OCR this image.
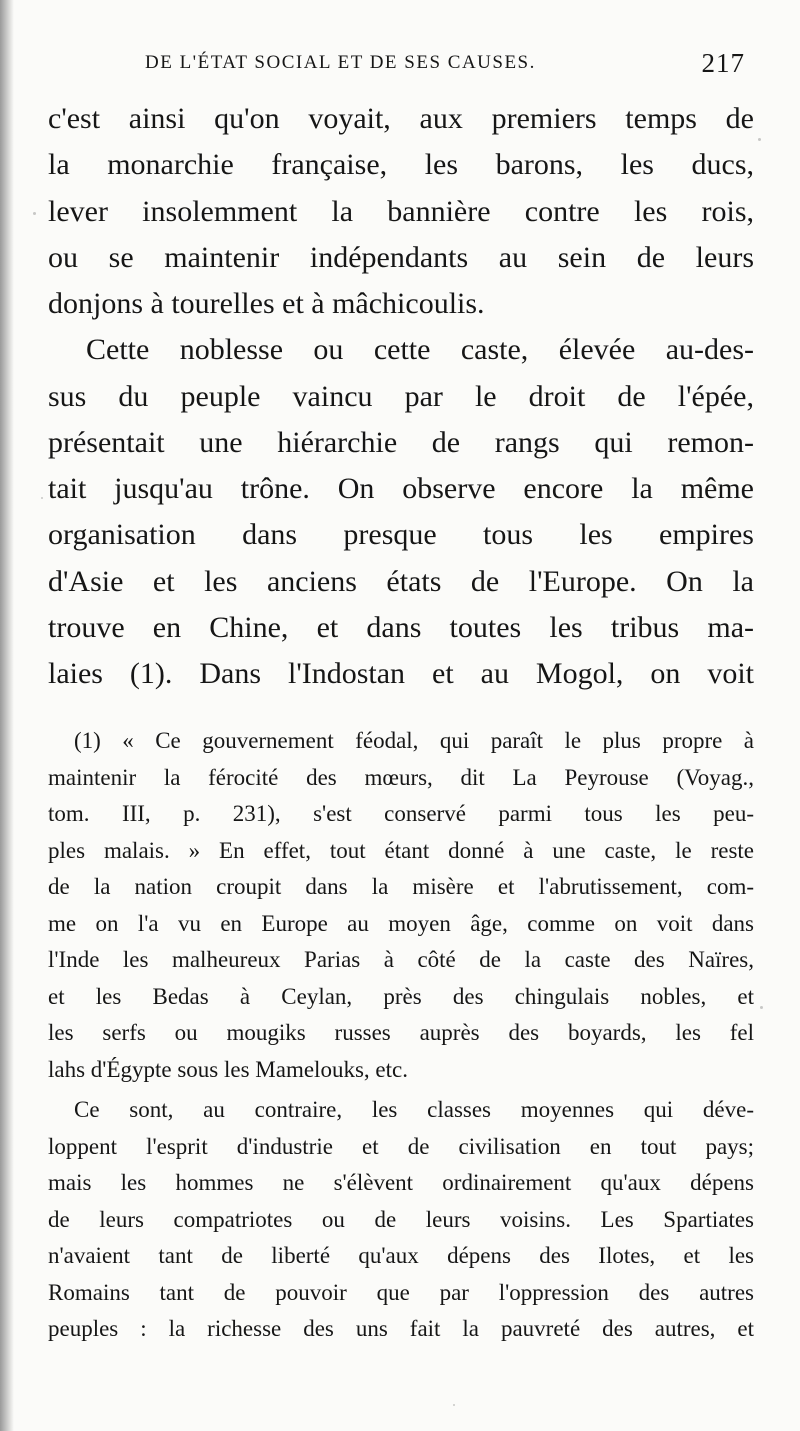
DE L'ÉTAT SOCIAL ET DE SES CAUSES.	217
c'est ainsi qu'on voyait, aux premiers temps de
la monarchie française, les barons, les ducs,
lever insolemment la bannière contre les rois,
ou se maintenir indépendants au sein de leurs
donjons à tourelles et à mâchicoulis.
Cette noblesse ou cette caste, élevée au-des-
sus du peuple vaincu par le droit de l'épée,
présentait une hiérarchie de rangs qui remon-
tait jusqu'au trône. On observe encore la même
organisation dans presque tous les empires
d'Asie et les anciens états de l'Europe. On la
trouve en Chine, et dans toutes les tribus ma-
laies (1). Dans l'Indostan et au Mogol, on voit
(1) « Ce gouvernement féodal, qui paraît le plus propre à
maintenir la férocité des mœurs, dit La Peyrouse (Voyag.,
tom. III, p. 231), s'est conservé parmi tous les peu-
ples malais. » En effet, tout étant donné à une caste, le reste
de la nation croupit dans la misère et l'abrutissement, com-
me on l'a vu en Europe au moyen âge, comme on voit dans
l'Inde les malheureux Parias à côté de la caste des Naïres,
et les Bedas à Ceylan, près des chingulais nobles, et
les serfs ou mougiks russes auprès des boyards, les fel
lahs d'Égypte sous les Mamelouks, etc.
Ce sont, au contraire, les classes moyennes qui déve-
loppent l'esprit d'industrie et de civilisation en tout pays;
mais les hommes ne s'élèvent ordinairement qu'aux dépens
de leurs compatriotes ou de leurs voisins. Les Spartiates
n'avaient tant de liberté qu'aux dépens des Ilotes, et les
Romains tant de pouvoir que par l'oppression des autres
peuples : la richesse des uns fait la pauvreté des autres, et
